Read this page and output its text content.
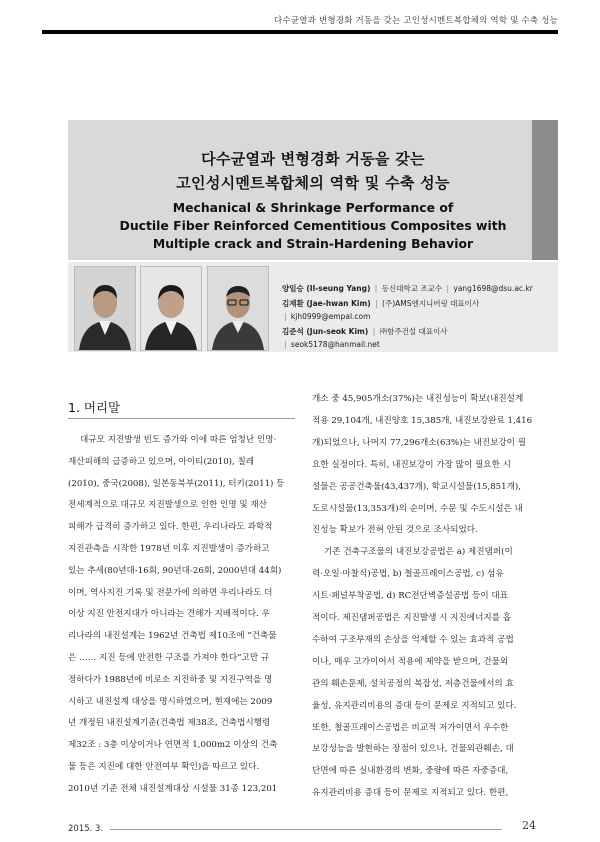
다수균열과 변형경화 거동을 갖는 고인성시멘트복합체의 역학 및 수축 성능
다수균열과 변형경화 거동을 갖는
고인성시멘트복합체의 역학 및 수축 성능
Mechanical & Shrinkage Performance of
Ductile Fiber Reinforced Cementitious Composites with
Multiple crack and Strain-Hardening Behavior
양일승 (Il-seung Yang) | 동신대학교 조교수 | yang1698@dsu.ac.kr
김재환 (Jae-hwan Kim) | (주)AMS엔지니어링 대표이사
| kjh0999@empal.com
김준석 (Jun-seok Kim) | ㈜함주건설 대표이사
| seok5178@hanmail.net
1. 머리말
대규모 지진발생 빈도 증가와 이에 따른 엄청난 인명·
재산피해의 급증하고 있으며, 아이티(2010), 칠레
(2010), 중국(2008), 일본동북부(2011), 터키(2011) 등
전세계적으로 대규모 지진발생으로 인한 인명 및 재산
피해가 급격히 증가하고 있다. 한편, 우리나라도 과학적
지진관측을 시작한 1978년 이후 지진발생이 증가하고
있는 추세(80년대-16회, 90년대-26회, 2000년대 44회)
이며, 역사지진 기록 및 전문가에 의하면 우리나라도 더
이상 지진 안전지대가 아니라는 견해가 지배적이다. 우
리나라의 내진설계는 1962년 건축법 제10조에 “건축물
은 …… 지진 등에 안전한 구조를 가져야 한다”고만 규
정하다가 1988년에 비로소 지진하중 및 지진구역을 명
시하고 내진설계 대상을 명시하였으며, 현재에는 2009
년 개정된 내진설계기준(건축법 제38조, 건축법시행령
제32조 : 3층 이상이거나 연면적 1,000m2 이상의 건축
물 등은 지진에 대한 안전여부 확인)을 따르고 있다.
2010년 기준 전체 내진설계대상 시설물 31종 123,201
개소 중 45,905개소(37%)는 내진성능이 확보(내진설계
적용 29,104개, 내진양호 15,385개, 내진보강완료 1,416
개)되었으나, 나머지 77,296개소(63%)는 내진보강이 필
요한 실정이다. 특히, 내진보강이 가장 많이 필요한 시
설물은 공공건축물(43,437개), 학교시설물(15,851개),
도로시설물(13,353개)의 순이며, 수문 및 수도시설은 내
진성능 확보가 전혀 안된 것으로 조사되었다.
기존 건축구조물의 내진보강공법은 a) 제진댐퍼(이
력·오일·마찰식)공법, b) 철골프레이스공법, c) 섬유
시트·패널부착공법, d) RC전단벽증설공법 등이 대표
적이다. 제진댐퍼공법은 지진발생 시 지진에너지를 흡
수하여 구조부재의 손상을 억제할 수 있는 효과적 공법
이나, 매우 고가이어서 적용에 제약을 받으며, 건물외
관의 훼손문제, 설치공정의 복잡성, 저층건물에서의 효
율성, 유지관리비용의 증대 등이 문제로 지적되고 있다.
또한, 철골프레이스공법은 비교적 저가이면서 우수한
보강성능을 발현하는 장점이 있으나, 건물외관훼손, 대
단면에 따른 실내환경의 변화, 중량에 따른 자중증대,
유지관리비용 증대 등이 문제로 지적되고 있다. 한편,
2015. 3.	24
